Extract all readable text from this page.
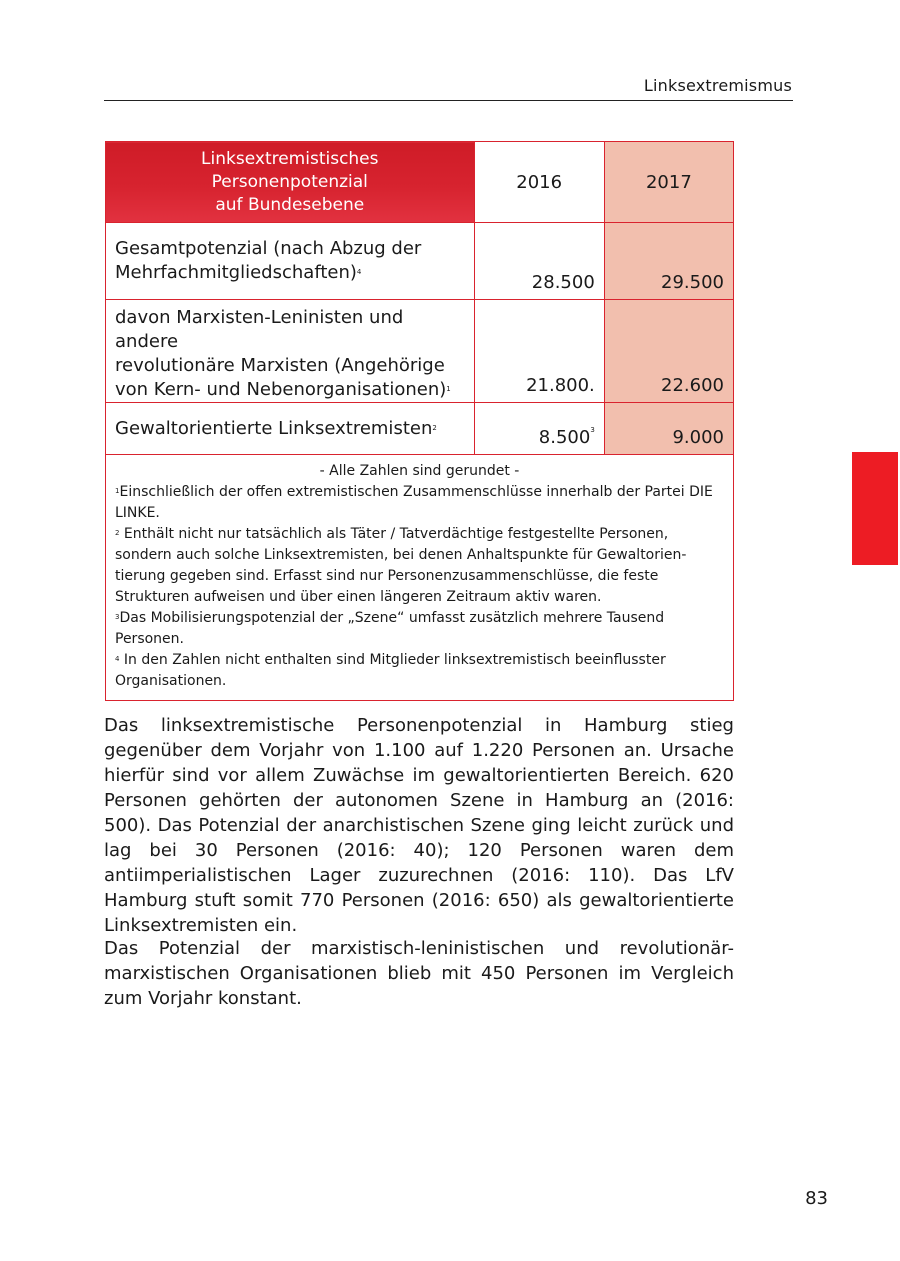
Linksextremismus
Linksextremistisches
Personenpotenzial
auf Bundesebene	2016	2017

Gesamtpotenzial (nach Abzug der
Mehrfachmitgliedschaften)$^4$	28.500	29.500

davon Marxisten-Leninisten und andere
revolutionäre Marxisten (Angehörige
von Kern- und Nebenorganisationen)$^1$	21.800.	22.600

Gewaltorientierte Linksextremisten$^2$	8.500$^3$	9.000

- Alle Zahlen sind gerundet -

$^1$Einschließlich der offen extremistischen Zusammenschlüsse innerhalb der Partei DIE LINKE.

$^2$ Enthält nicht nur tatsächlich als Täter / Tatverdächtige festgestellte Personen, sondern auch solche Linksextremisten, bei denen Anhaltspunkte für Gewaltorientierung gegeben sind. Erfasst sind nur Personenzusammenschlüsse, die feste Strukturen aufweisen und über einen längeren Zeitraum aktiv waren.

$^3$Das Mobilisierungspotenzial der „Szene“ umfasst zusätzlich mehrere Tausend Personen.

$^4$ In den Zahlen nicht enthalten sind Mitglieder linksextremistisch beeinflusster Organisationen.		

Das linksextremistische Personenpotenzial in Hamburg stieg gegenüber dem Vorjahr von 1.100 auf 1.220 Personen an. Ursache hierfür sind vor allem Zuwächse im gewaltorientierten Bereich. 620 Personen gehörten der autonomen Szene in Hamburg an (2016: 500). Das Potenzial der anarchistischen Szene ging leicht zurück und lag bei 30 Personen (2016: 40); 120 Personen waren dem antiimperialistischen Lager zuzurechnen (2016: 110). Das LfV Hamburg stuft somit 770 Personen (2016: 650) als gewaltorientierte Linksextremisten ein.

Das Potenzial der marxistisch-leninistischen und revolutionär-marxistischen Organisationen blieb mit 450 Personen im Vergleich zum Vorjahr konstant.

83
